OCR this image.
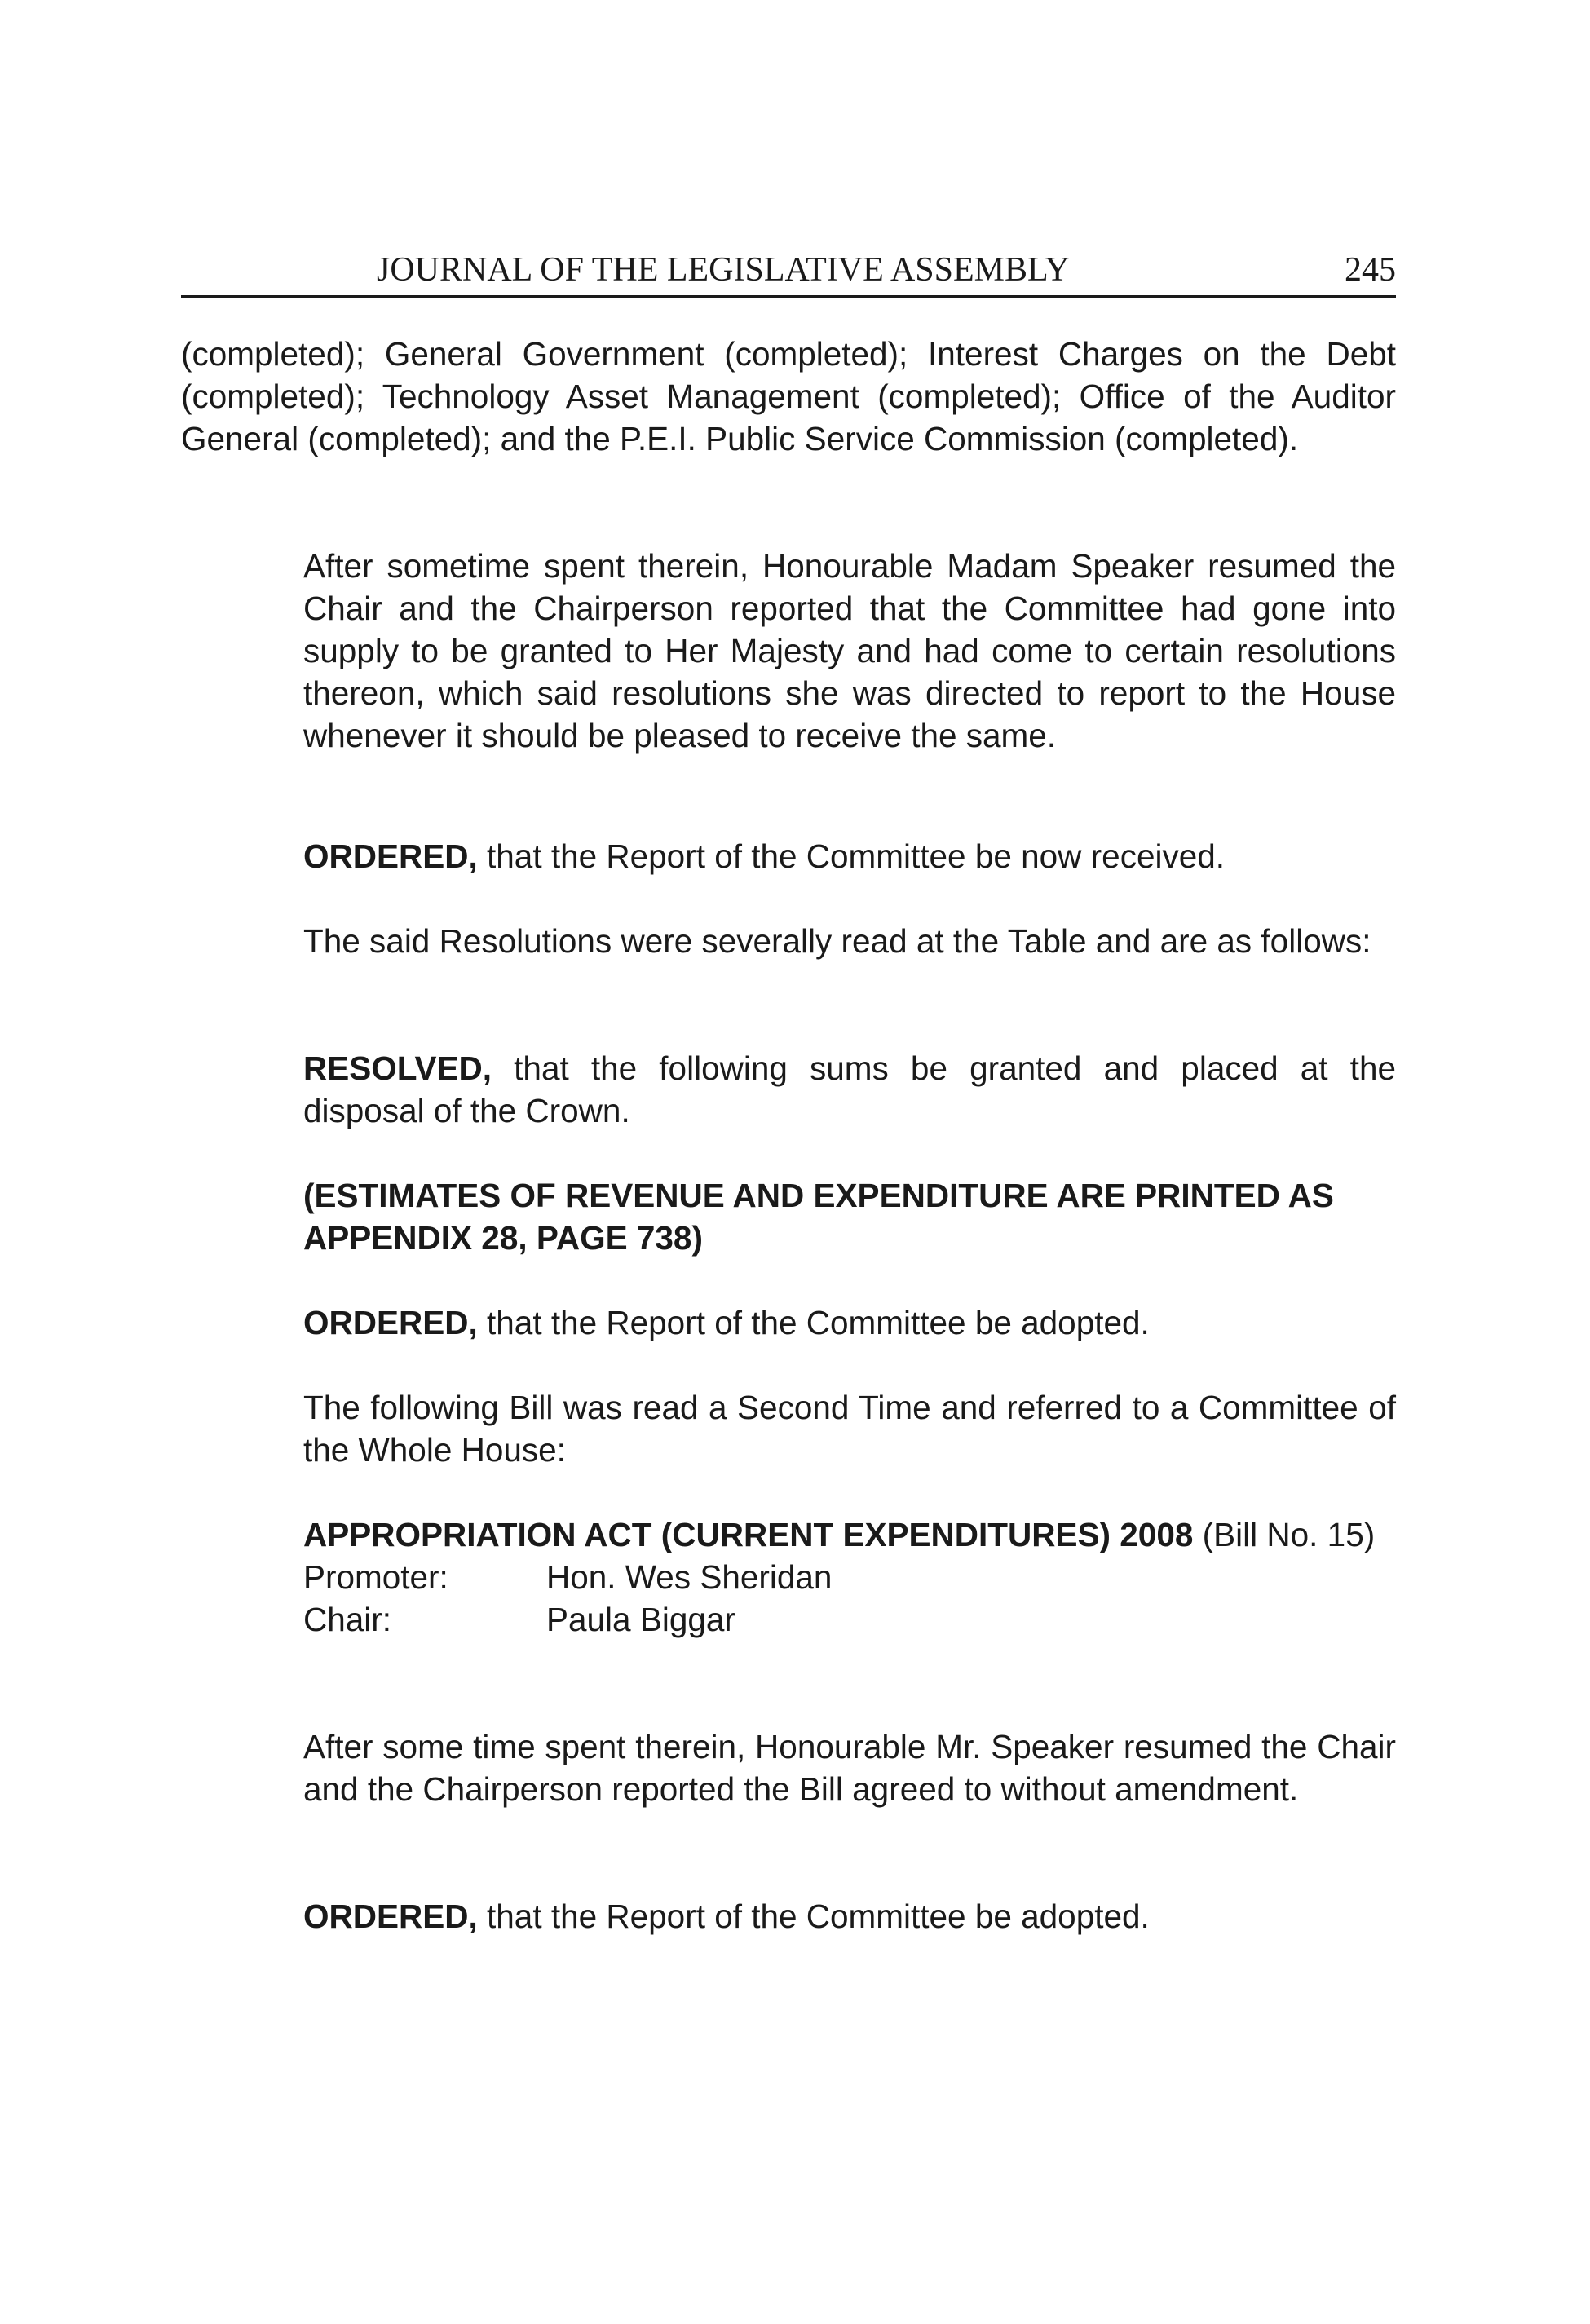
JOURNAL OF THE LEGISLATIVE ASSEMBLY	245

(completed); General Government (completed); Interest Charges on the Debt (completed); Technology Asset Management (completed); Office of the Auditor General (completed); and the P.E.I. Public Service Commission (completed).

After sometime spent therein, Honourable Madam Speaker resumed the Chair and the Chairperson reported that the Committee had gone into supply to be granted to Her Majesty and had come to certain resolutions thereon, which said resolutions she was directed to report to the House whenever it should be pleased to receive the same.

ORDERED, that the Report of the Committee be now received.

The said Resolutions were severally read at the Table and are as follows:

RESOLVED, that the following sums be granted and placed at the disposal of the Crown.

(ESTIMATES OF REVENUE AND EXPENDITURE ARE PRINTED AS APPENDIX 28, PAGE 738)

ORDERED, that the Report of the Committee be adopted.

The following Bill was read a Second Time and referred to a Committee of the Whole House:

APPROPRIATION ACT (CURRENT EXPENDITURES) 2008 (Bill No. 15)

Promoter:	Hon. Wes Sheridan
Chair:	Paula Biggar

After some time spent therein, Honourable Mr. Speaker resumed the Chair and the Chairperson reported the Bill agreed to without amendment.

ORDERED, that the Report of the Committee be adopted.
